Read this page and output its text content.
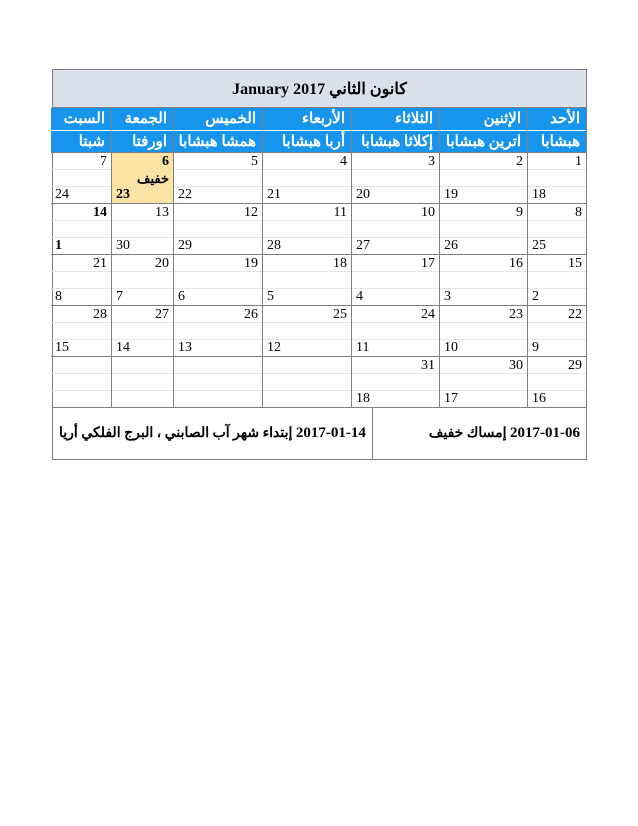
كانون الثاني 2017 January
الأحد
الإثنين
الثلاثاء
الأربعاء
الخميس
الجمعة
السبت
هبشابا
اترين هبشابا
إكلاثا هبشابا
أربا هبشابا
همشا هبشابا
اورفتا
شبتا
1
18
2
19
3
20
4
21
5
22
6
خفيف
23
7
24
8
25
9
26
10
27
11
28
12
29
13
30
14
1
15
2
16
3
17
4
18
5
19
6
20
7
21
8
22
9
23
10
24
11
25
12
26
13
27
14
28
15
29
16
30
17
31
18
2017-01-06

إمساك خفيف
2017-01-14

إبتداء شهر آب الصابني ، البرج الفلكي أريا
